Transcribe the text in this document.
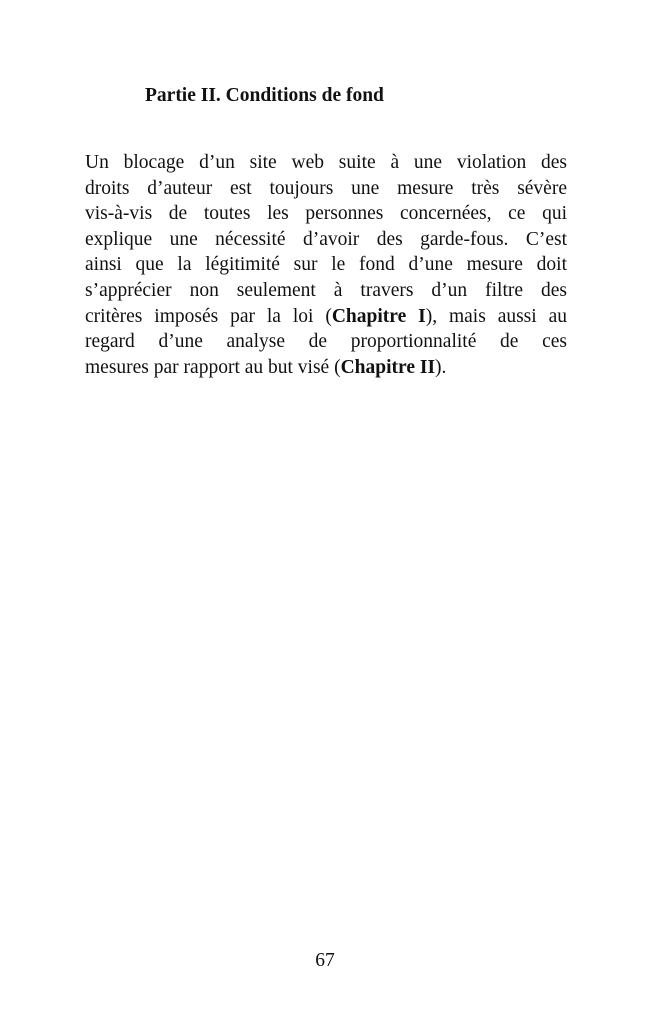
Partie II. Conditions de fond
Un blocage d’un site web suite à une violation des
droits d’auteur est toujours une mesure très sévère
vis-à-vis de toutes les personnes concernées, ce qui
explique une nécessité d’avoir des garde-fous. C’est
ainsi que la légitimité sur le fond d’une mesure doit
s’apprécier non seulement à travers d’un filtre des
critères imposés par la loi (Chapitre I), mais aussi au
regard d’une analyse de proportionnalité de ces
mesures par rapport au but visé (Chapitre II).
67
